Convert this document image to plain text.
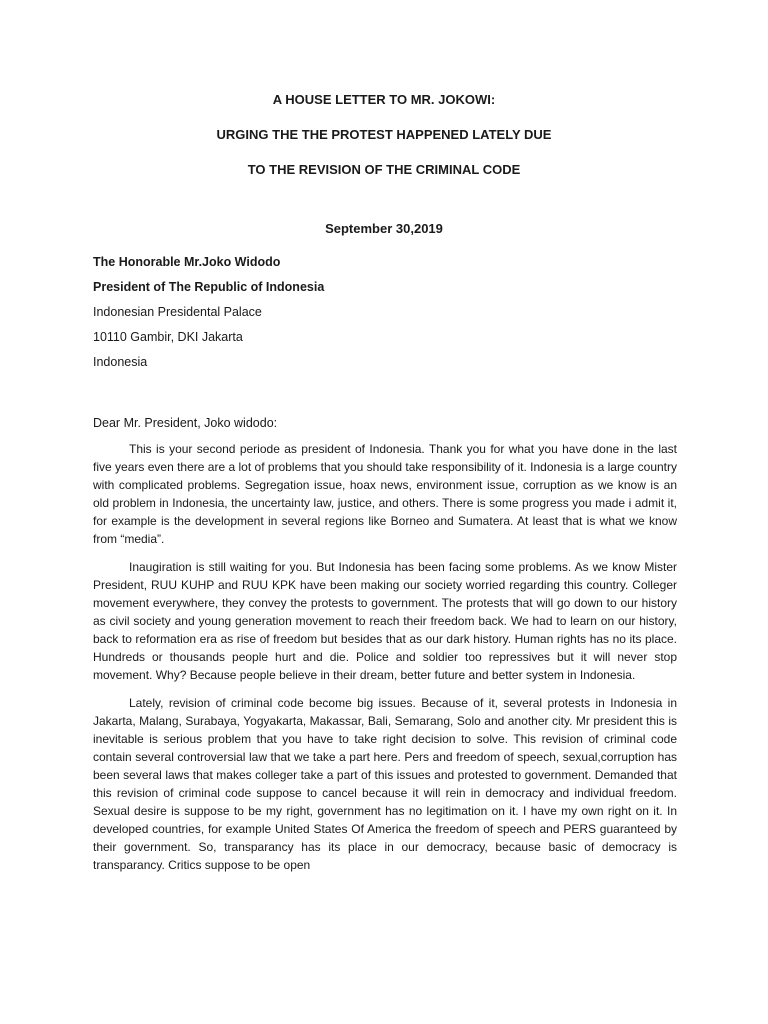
A HOUSE LETTER TO MR. JOKOWI:
URGING THE THE PROTEST HAPPENED LATELY DUE
TO THE REVISION OF THE CRIMINAL CODE
September 30,2019
The Honorable Mr.Joko Widodo
President of The Republic of Indonesia
Indonesian Presidental Palace
10110 Gambir, DKI Jakarta
Indonesia
Dear Mr. President, Joko widodo:

This is your second periode as president of Indonesia. Thank you for what you have done in the last five years even there are a lot of problems that you should take responsibility of it. Indonesia is a large country with complicated problems. Segregation issue, hoax news, environment issue, corruption as we know is an old problem in Indonesia, the uncertainty law, justice, and others. There is some progress you made i admit it, for example is the development in several regions like Borneo and Sumatera. At least that is what we know from “media”.

Inaugiration is still waiting for you. But Indonesia has been facing some problems. As we know Mister President, RUU KUHP and RUU KPK have been making our society worried regarding this country. Colleger movement everywhere, they convey the protests to government. The protests that will go down to our history as civil society and young generation movement to reach their freedom back. We had to learn on our history, back to reformation era as rise of freedom but besides that as our dark history. Human rights has no its place. Hundreds or thousands people hurt and die. Police and soldier too repressives but it will never stop movement. Why? Because people believe in their dream, better future and better system in Indonesia.

Lately, revision of criminal code become big issues. Because of it, several protests in Indonesia in Jakarta, Malang, Surabaya, Yogyakarta, Makassar, Bali, Semarang, Solo and another city. Mr president this is inevitable is serious problem that you have to take right decision to solve. This revision of criminal code contain several controversial law that we take a part here. Pers and freedom of speech, sexual,corruption has been several laws that makes colleger take a part of this issues and protested to government. Demanded that this revision of criminal code suppose to cancel because it will rein in democracy and individual freedom. Sexual desire is suppose to be my right, government has no legitimation on it. I have my own right on it. In developed countries, for example United States Of America the freedom of speech and PERS guaranteed by their government. So, transparancy has its place in our democracy, because basic of democracy is transparancy. Critics suppose to be open
